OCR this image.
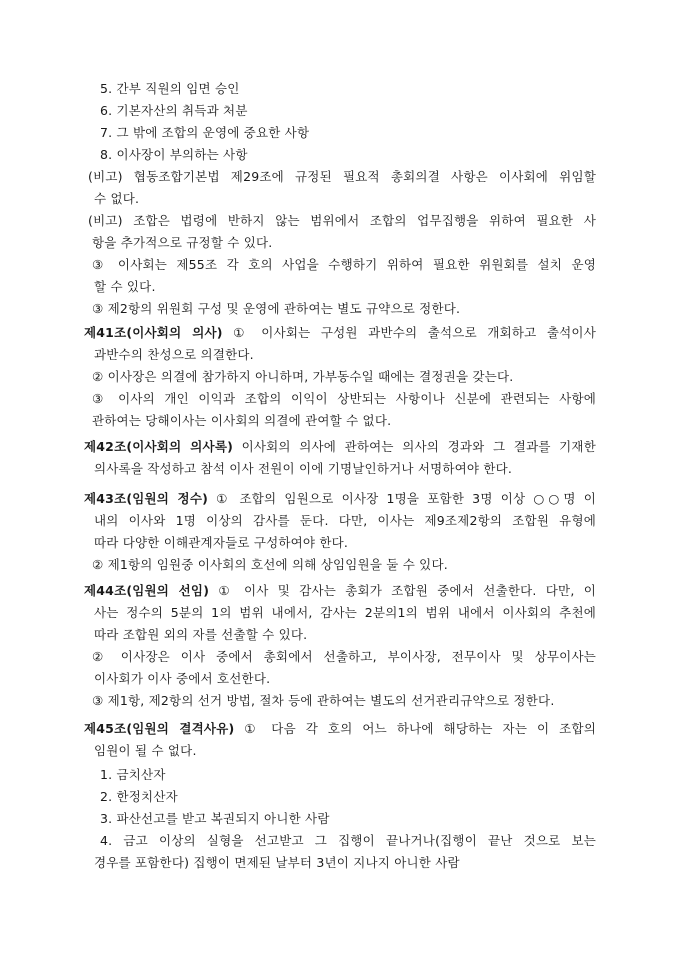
5. 간부 직원의 임면 승인
6. 기본자산의 취득과 처분
7. 그 밖에 조합의 운영에 중요한 사항
8. 이사장이 부의하는 사항
(비고) 협동조합기본법 제29조에 규정된 필요적 총회의결 사항은 이사회에 위임할
수 없다.
(비고) 조합은 법령에 반하지 않는 범위에서 조합의 업무집행을 위하여 필요한 사
항을 추가적으로 규정할 수 있다.
③ 이사회는 제55조 각 호의 사업을 수행하기 위하여 필요한 위원회를 설치 운영
할 수 있다.
③ 제2항의 위원회 구성 및 운영에 관하여는 별도 규약으로 정한다.
제41조(이사회의 의사) ① 이사회는 구성원 과반수의 출석으로 개회하고 출석이사
과반수의 찬성으로 의결한다.
② 이사장은 의결에 참가하지 아니하며, 가부동수일 때에는 결정권을 갖는다.
③ 이사의 개인 이익과 조합의 이익이 상반되는 사항이나 신분에 관련되는 사항에
관하여는 당해이사는 이사회의 의결에 관여할 수 없다.
제42조(이사회의 의사록) 이사회의 의사에 관하여는 의사의 경과와 그 결과를 기재한
의사록을 작성하고 참석 이사 전원이 이에 기명날인하거나 서명하여야 한다.
제43조(임원의 정수) ① 조합의 임원으로 이사장 1명을 포함한 3명 이상 ○○명 이
내의 이사와 1명 이상의 감사를 둔다. 다만, 이사는 제9조제2항의 조합원 유형에
따라 다양한 이해관계자들로 구성하여야 한다.
② 제1항의 임원중 이사회의 호선에 의해 상임임원을 둘 수 있다.
제44조(임원의 선임) ① 이사 및 감사는 총회가 조합원 중에서 선출한다. 다만, 이
사는 정수의 5분의 1의 범위 내에서, 감사는 2분의1의 범위 내에서 이사회의 추천에
따라 조합원 외의 자를 선출할 수 있다.
② 이사장은 이사 중에서 총회에서 선출하고, 부이사장, 전무이사 및 상무이사는
이사회가 이사 중에서 호선한다.
③ 제1항, 제2항의 선거 방법, 절차 등에 관하여는 별도의 선거관리규약으로 정한다.
제45조(임원의 결격사유) ① 다음 각 호의 어느 하나에 해당하는 자는 이 조합의
임원이 될 수 없다.
1. 금치산자
2. 한정치산자
3. 파산선고를 받고 복권되지 아니한 사람
4. 금고 이상의 실형을 선고받고 그 집행이 끝나거나(집행이 끝난 것으로 보는
경우를 포함한다) 집행이 면제된 날부터 3년이 지나지 아니한 사람
